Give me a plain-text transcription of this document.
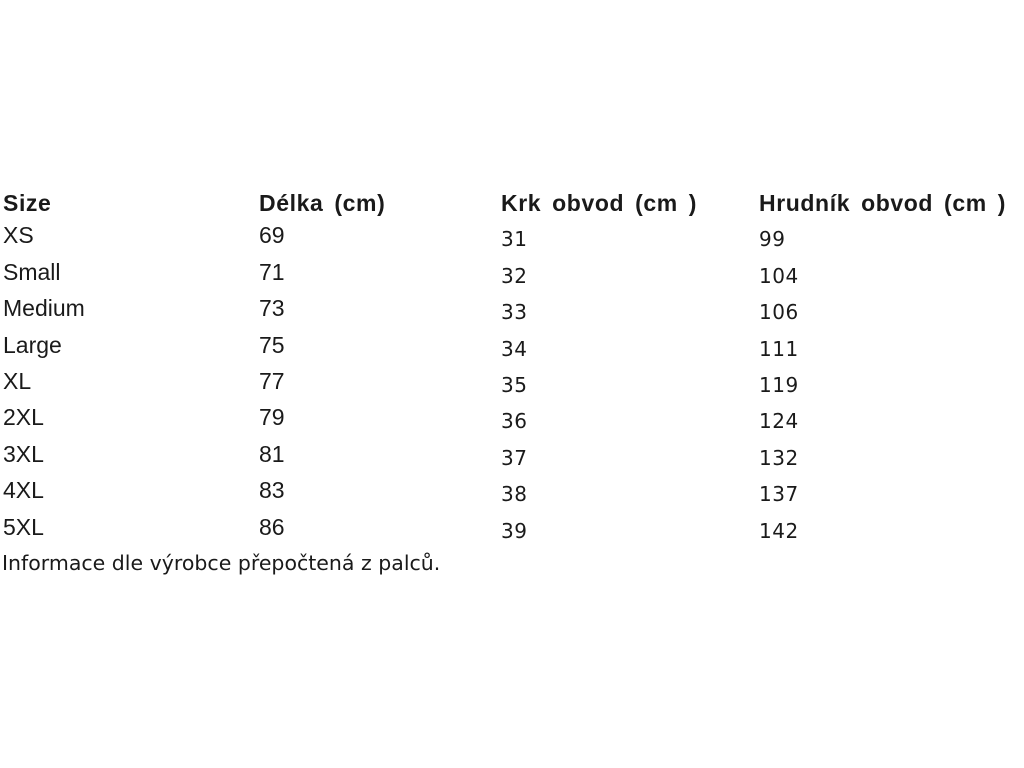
Size	Délka (cm)	Krk obvod (cm )	Hrudník obvod (cm )
XS	69	31	99
Small	71	32	104
Medium	73	33	106
Large	75	34	111
XL	77	35	119
2XL	79	36	124
3XL	81	37	132
4XL	83	38	137
5XL	86	39	142
Informace dle výrobce přepočtená z palců.
